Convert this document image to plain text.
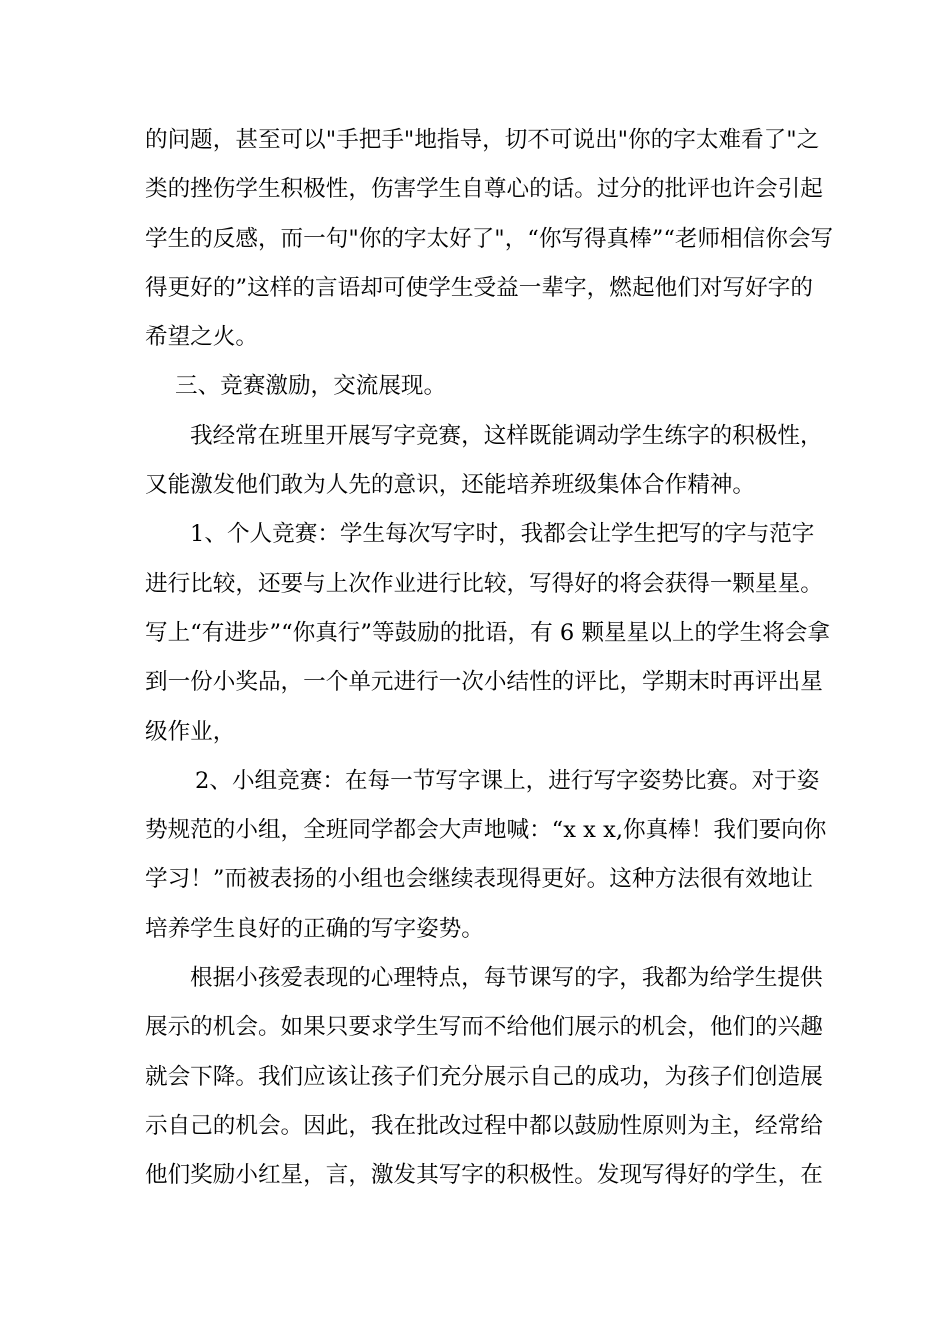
的问题，甚至可以"手把手"地指导，切不可说出"你的字太难看了"之
类的挫伤学生积极性，伤害学生自尊心的话。过分的批评也许会引起
学生的反感，而一句"你的字太好了"，“你写得真棒”“老师相信你会写
得更好的”这样的言语却可使学生受益一辈字，燃起他们对写好字的
希望之火。
三、竞赛激励，交流展现。
我经常在班里开展写字竞赛，这样既能调动学生练字的积极性，
又能激发他们敢为人先的意识，还能培养班级集体合作精神。
1、个人竞赛：学生每次写字时，我都会让学生把写的字与范字
进行比较，还要与上次作业进行比较，写得好的将会获得一颗星星。
写上“有进步”“你真行”等鼓励的批语，有 6 颗星星以上的学生将会拿
到一份小奖品，一个单元进行一次小结性的评比，学期末时再评出星
级作业，
2、小组竞赛：在每一节写字课上，进行写字姿势比赛。对于姿
势规范的小组，全班同学都会大声地喊：“x x x,你真棒！我们要向你
学习！”而被表扬的小组也会继续表现得更好。这种方法很有效地让
培养学生良好的正确的写字姿势。
根据小孩爱表现的心理特点，每节课写的字，我都为给学生提供
展示的机会。如果只要求学生写而不给他们展示的机会，他们的兴趣
就会下降。我们应该让孩子们充分展示自己的成功，为孩子们创造展
示自己的机会。因此，我在批改过程中都以鼓励性原则为主，经常给
他们奖励小红星，言，激发其写字的积极性。发现写得好的学生，在
